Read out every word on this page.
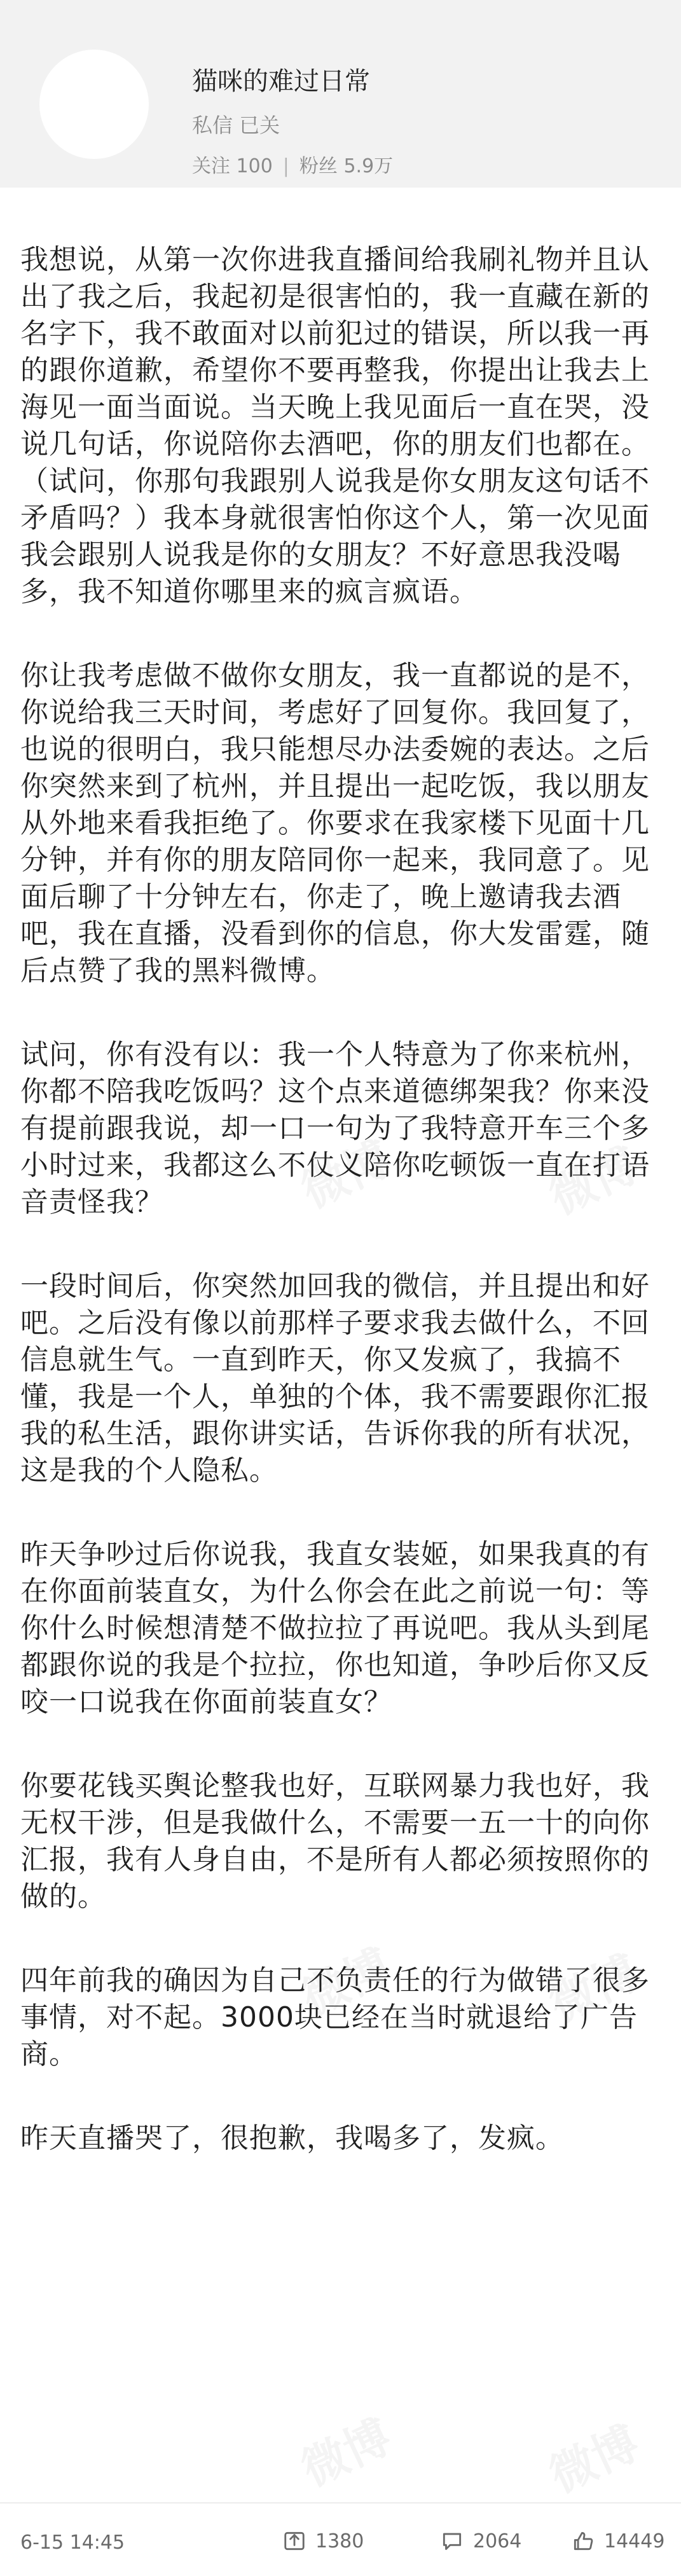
猫咪的难过日常
私信 已关
关注 100 | 粉丝 5.9万

我想说，从第一次你进我直播间给我刷礼物并且认出了我之后，我起初是很害怕的，我一直藏在新的名字下，我不敢面对以前犯过的错误，所以我一再的跟你道歉，希望你不要再整我，你提出让我去上海见一面当面说。当天晚上我见面后一直在哭，没说几句话，你说陪你去酒吧，你的朋友们也都在。（试问，你那句我跟别人说我是你女朋友这句话不矛盾吗？）我本身就很害怕你这个人，第一次见面我会跟别人说我是你的女朋友？不好意思我没喝多，我不知道你哪里来的疯言疯语。

你让我考虑做不做你女朋友，我一直都说的是不，你说给我三天时间，考虑好了回复你。我回复了，也说的很明白，我只能想尽办法委婉的表达。之后你突然来到了杭州，并且提出一起吃饭，我以朋友从外地来看我拒绝了。你要求在我家楼下见面十几分钟，并有你的朋友陪同你一起来，我同意了。见面后聊了十分钟左右，你走了，晚上邀请我去酒吧，我在直播，没看到你的信息，你大发雷霆，随后点赞了我的黑料微博。

试问，你有没有以：我一个人特意为了你来杭州，你都不陪我吃饭吗？这个点来道德绑架我？你来没有提前跟我说，却一口一句为了我特意开车三个多小时过来，我都这么不仗义陪你吃顿饭一直在打语音责怪我？

一段时间后，你突然加回我的微信，并且提出和好吧。之后没有像以前那样子要求我去做什么，不回信息就生气。一直到昨天，你又发疯了，我搞不懂，我是一个人，单独的个体，我不需要跟你汇报我的私生活，跟你讲实话，告诉你我的所有状况，这是我的个人隐私。

昨天争吵过后你说我，我直女装姬，如果我真的有在你面前装直女，为什么你会在此之前说一句：等你什么时候想清楚不做拉拉了再说吧。我从头到尾都跟你说的我是个拉拉，你也知道，争吵后你又反咬一口说我在你面前装直女？

你要花钱买舆论整我也好，互联网暴力我也好，我无权干涉，但是我做什么，不需要一五一十的向你汇报，我有人身自由，不是所有人都必须按照你的做的。

四年前我的确因为自己不负责任的行为做错了很多事情，对不起。3000块已经在当时就退给了广告商。

昨天直播哭了，很抱歉，我喝多了，发疯。

6-15 14:45	1380	2064	14449
